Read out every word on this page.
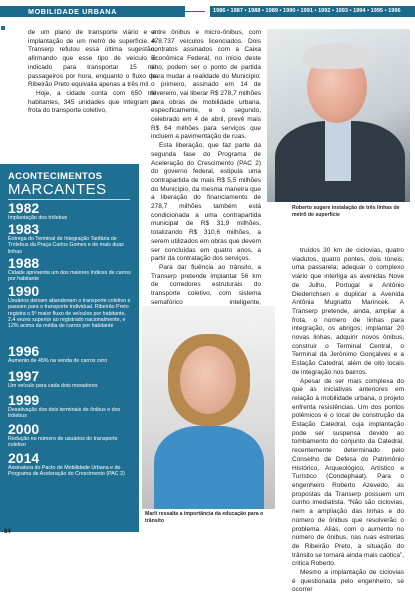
MOBILIDADE URBANA	1986 • 1987 • 1988 • 1989 • 1990 • 1991 • 1992 • 1993 • 1994 • 1995 • 1996

de um plano de transporte viário e a implantação de um metrô de superfície. A Transerp refutou essa última sugestão, afirmando que esse tipo de veículo é indicado para transportar 15 mil passageiros por hora, enquanto o fluxo de Ribeirão Preto equivalia apenas a três mil.

Hoje, a cidade conta com 650 mil habitantes, 345 unidades que integram a frota do transporte coletivo,

entre ônibus e micro-ônibus, com 478.737 veículos licenciados. Dois contratos assinados com a Caixa Econômica Federal, no início deste ano, podem ser o ponto de partida para mudar a realidade do Município: o primeiro, assinado em 14 de fevereiro, vai liberar R$ 278,7 milhões para obras de mobilidade urbana, especificamente, e o segundo, celebrado em 4 de abril, prevê mais R$ 64 milhões para serviços que incluem a pavimentação de ruas.

Esta liberação, que faz parte da segunda fase do Programa de Aceleração do Crescimento (PAC 2) do governo federal, estipula uma contrapartida de mais R$ 5,5 milhões do Município, da mesma maneira que a liberação do financiamento de 278,7 milhões também está condicionada a uma contrapartida municipal de R$ 31,9 milhões, totalizando R$ 310,6 milhões, a serem utilizados em obras que devem ser concluídas em quatro anos, a partir da contratação dos serviços.

Para dar fluência ao trânsito, a Transerp pretende implantar 56 km de corredores estruturais do transporte coletivo, com sistema semafórico inteligente,

Roberto sugere instalação de três linhas de metrô de superfície

truídos 30 km de ciclovias, quatro viadutos, quatro pontes, dois túneis; uma passarela; adequar o complexo viário que interliga as avenidas Nove de Julho, Portugal e Antônio Diederichsen e duplicar a Avenida Antônia Mugnatto Marincek. A Transerp pretende, ainda, ampliar a frota, o número de linhas para integração, os abrigos; implantar 20 novas linhas, adquirir novos ônibus, construir o Terminal Central, o Terminal da Jerônimo Gonçalves e a Estação Catedral, além de oito locais de integração nos bairros.

Apesar de ser mais complexa do que as iniciativas anteriores em relação à mobilidade urbana, o projeto enfrenta resistências. Um dos pontos polêmicos é o local de construção da Estação Catedral, cuja implantação pode ser suspensa devido ao tombamento do conjunto da Catedral, recentemente determinado pelo Conselho de Defesa do Patrimônio Histórico, Arqueológico, Artístico e Turístico (Condephaat). Para o engenheiro Roberto Azevedo, as propostas da Transerp possuem um cunho imediatista. “Não são ciclovias, nem a ampliação das linhas e do número de ônibus que resolverão o problema. Aliás, com o aumento no número de ônibus, nas ruas estreitas de Ribeirão Preto, a situação do trânsito se tornará ainda mais caótica”, critica Roberto.

Mesmo a implantação de ciclovias é questionada pelo engenheiro, se ocorrer

ACONTECIMENTOS
MARCANTES
1982
Implantação dos trólebus
1983
Entrega do Terminal de Integração Tarifária de Trólebus da Praça Carlos Gomes e de mais duas linhas
1988
Cidade apresenta um dos maiores índices de carros por habitante
1990
Usuários deixam abandonam o transporte coletivo e passam para o transporte individual. Ribeirão Preto registra o 5º maior fluxo de veículos por habitante, 2,4 vezes superior ao registrado nacionalmente, e 12% acima da média de carros por habitante
1996
Aumento de 45% na venda de carros zero
1997
Um veículo para cada dois moradores
1999
Desativação dos dois terminais de ônibus e dos trólebus
2000
Redução no número de usuários do transporte coletivo
2014
Assinatura do Pacto de Mobilidade Urbana e do Programa de Aceleração do Crescimento (PAC 2)
Marli ressalta a importância da educação para o trânsito
84
